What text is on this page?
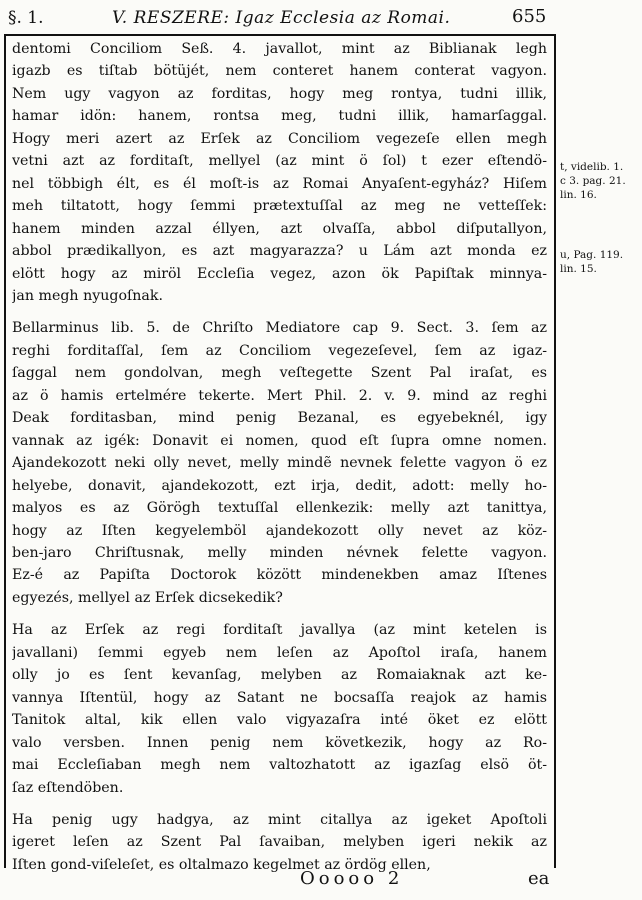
§. 1.	V. RESZERE: Igaz Ecclesia az Romai.	655
dentomi Conciliom Seß. 4. javallot, mint az Biblianak legh
igazb es tiſtab bötüjét, nem conteret hanem conterat vagyon.
Nem ugy vagyon az forditas, hogy meg rontya, tudni illik,
hamar idön: hanem, rontsa meg, tudni illik, hamarſaggal.
Hogy meri azert az Erſek az Conciliom vegezeſe ellen megh
vetni azt az forditaſt, mellyel (az mint ö ſol) t ezer eſtendö-
nel többigh élt, es él moſt-is az Romai Anyaſent-egyház? Hiſem
meh tiltatott, hogy ſemmi prætextuſſal az meg ne vetteſſek:
hanem minden azzal éllyen, azt olvaſſa, abbol diſputallyon,
abbol prædikallyon, es azt magyarazza? u Lám azt monda ez
elött hogy az miröl Eccleſia vegez, azon ök Papiſtak minnya-
jan megh nyugoſnak.
Bellarminus lib. 5. de Chriſto Mediatore cap 9. Sect. 3. ſem az
reghi forditaſſal, ſem az Conciliom vegezeſevel, ſem az igaz-
ſaggal nem gondolvan, megh veſtegette Szent Pal iraſat, es
az ö hamis ertelmére tekerte. Mert Phil. 2. v. 9. mind az reghi
Deak forditasban, mind penig Bezanal, es egyebeknél, igy
vannak az igék: Donavit ei nomen, quod eſt ſupra omne nomen.
Ajandekozott neki olly nevet, melly mindẽ nevnek felette vagyon ö ez
helyebe, donavit, ajandekozott, ezt irja, dedit, adott: melly ho-
malyos es az Görögh textuſſal ellenkezik: melly azt tanittya,
hogy az Iſten kegyelemböl ajandekozott olly nevet az köz-
ben-jaro Chriſtusnak, melly minden névnek felette vagyon.
Ez-é az Papiſta Doctorok között mindenekben amaz Iſtenes
egyezés, mellyel az Erſek dicsekedik?
Ha az Erſek az regi forditaſt javallya (az mint ketelen is
javallani) ſemmi egyeb nem leſen az Apoſtol iraſa, hanem
olly jo es ſent kevanſag, melyben az Romaiaknak azt ke-
vannya Iſtentül, hogy az Satant ne bocsaſſa reajok az hamis
Tanitok altal, kik ellen valo vigyazaſra inté öket ez elött
valo versben. Innen penig nem következik, hogy az Ro-
mai Eccleſiaban megh nem valtozhatott az igazſag elsö öt-
ſaz eſtendöben.
Ha penig ugy hadgya, az mint citallya az igeket Apoſtoli
igeret leſen az Szent Pal ſavaiban, melyben igeri nekik az
Iſten gond-viſeleſet, es oltalmazo kegelmet az ördög ellen,
t, videlib. 1.
c 3. pag. 21.
lin. 16.
u, Pag. 119.
lin. 15.
Ooooo 2	ea
